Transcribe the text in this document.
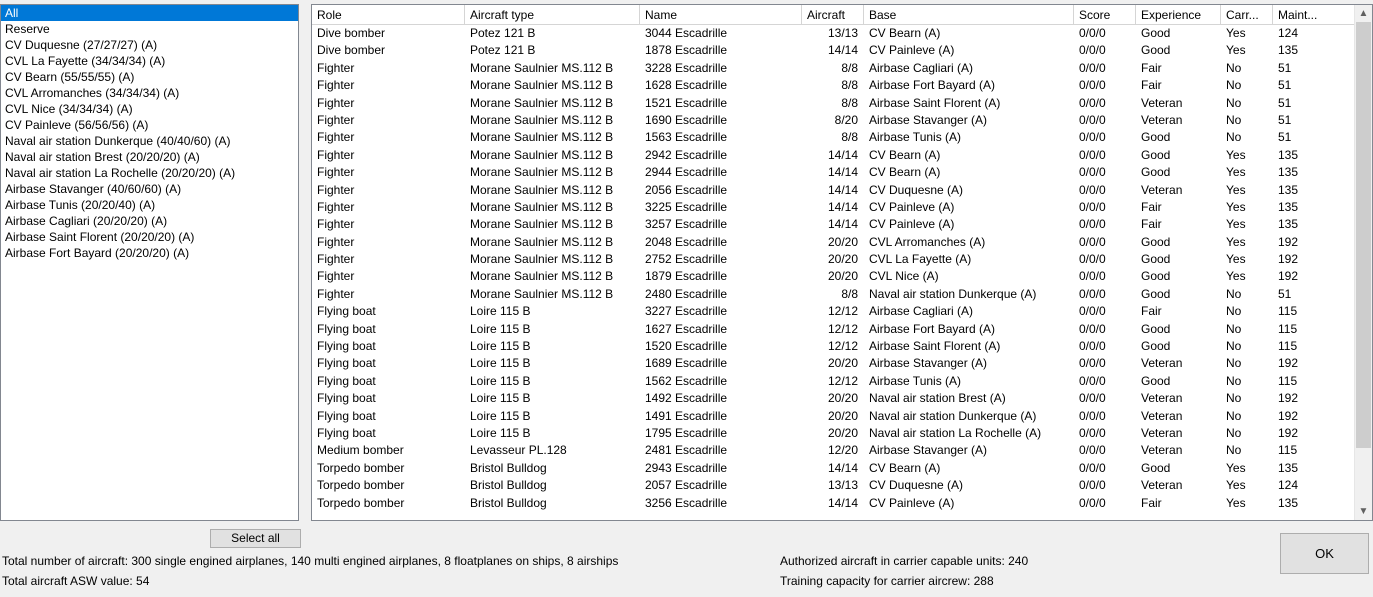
All
Reserve
CV Duquesne (27/27/27) (A)
CVL La Fayette (34/34/34) (A)
CV Bearn (55/55/55) (A)
CVL Arromanches (34/34/34) (A)
CVL Nice (34/34/34) (A)
CV Painleve (56/56/56) (A)
Naval air station Dunkerque (40/40/60) (A)
Naval air station Brest (20/20/20) (A)
Naval air station La Rochelle (20/20/20) (A)
Airbase Stavanger (40/60/60) (A)
Airbase Tunis (20/20/40) (A)
Airbase Cagliari (20/20/20) (A)
Airbase Saint Florent (20/20/20) (A)
Airbase Fort Bayard (20/20/20) (A)
Role	Aircraft type	Name	Aircraft	Base	Score	Experience	Carr...	Maint...
Dive bomber	Potez 121 B	3044 Escadrille	13/13 CV Bearn (A)	0/0/0	Good	Yes	124
Dive bomber	Potez 121 B	1878 Escadrille	14/14 CV Painleve (A)	0/0/0	Good	Yes	135
Fighter	Morane Saulnier MS.112 B	3228 Escadrille	8/8 Airbase Cagliari (A)	0/0/0	Fair	No	51
Fighter	Morane Saulnier MS.112 B	1628 Escadrille	8/8 Airbase Fort Bayard (A)	0/0/0	Fair	No	51
Fighter	Morane Saulnier MS.112 B	1521 Escadrille	8/8 Airbase Saint Florent (A)	0/0/0	Veteran	No	51
Fighter	Morane Saulnier MS.112 B	1690 Escadrille	8/20 Airbase Stavanger (A)	0/0/0	Veteran	No	51
Fighter	Morane Saulnier MS.112 B	1563 Escadrille	8/8 Airbase Tunis (A)	0/0/0	Good	No	51
Fighter	Morane Saulnier MS.112 B	2942 Escadrille	14/14 CV Bearn (A)	0/0/0	Good	Yes	135
Fighter	Morane Saulnier MS.112 B	2944 Escadrille	14/14 CV Bearn (A)	0/0/0	Good	Yes	135
Fighter	Morane Saulnier MS.112 B	2056 Escadrille	14/14 CV Duquesne (A)	0/0/0	Veteran	Yes	135
Fighter	Morane Saulnier MS.112 B	3225 Escadrille	14/14 CV Painleve (A)	0/0/0	Fair	Yes	135
Fighter	Morane Saulnier MS.112 B	3257 Escadrille	14/14 CV Painleve (A)	0/0/0	Fair	Yes	135
Fighter	Morane Saulnier MS.112 B	2048 Escadrille	20/20 CVL Arromanches (A)	0/0/0	Good	Yes	192
Fighter	Morane Saulnier MS.112 B	2752 Escadrille	20/20 CVL La Fayette (A)	0/0/0	Good	Yes	192
Fighter	Morane Saulnier MS.112 B	1879 Escadrille	20/20 CVL Nice (A)	0/0/0	Good	Yes	192
Fighter	Morane Saulnier MS.112 B	2480 Escadrille	8/8 Naval air station Dunkerque (A)	0/0/0	Good	No	51
Flying boat	Loire 115 B	3227 Escadrille	12/12 Airbase Cagliari (A)	0/0/0	Fair	No	115
Flying boat	Loire 115 B	1627 Escadrille	12/12 Airbase Fort Bayard (A)	0/0/0	Good	No	115
Flying boat	Loire 115 B	1520 Escadrille	12/12 Airbase Saint Florent (A)	0/0/0	Good	No	115
Flying boat	Loire 115 B	1689 Escadrille	20/20 Airbase Stavanger (A)	0/0/0	Veteran	No	192
Flying boat	Loire 115 B	1562 Escadrille	12/12 Airbase Tunis (A)	0/0/0	Good	No	115
Flying boat	Loire 115 B	1492 Escadrille	20/20 Naval air station Brest (A)	0/0/0	Veteran	No	192
Flying boat	Loire 115 B	1491 Escadrille	20/20 Naval air station Dunkerque (A)	0/0/0	Veteran	No	192
Flying boat	Loire 115 B	1795 Escadrille	20/20 Naval air station La Rochelle (A)	0/0/0	Veteran	No	192
Medium bomber	Levasseur PL.128	2481 Escadrille	12/20 Airbase Stavanger (A)	0/0/0	Veteran	No	115
Torpedo bomber	Bristol Bulldog	2943 Escadrille	14/14 CV Bearn (A)	0/0/0	Good	Yes	135
Torpedo bomber	Bristol Bulldog	2057 Escadrille	13/13 CV Duquesne (A)	0/0/0	Veteran	Yes	124
Torpedo bomber	Bristol Bulldog	3256 Escadrille	14/14 CV Painleve (A)	0/0/0	Fair	Yes	135
▲
▼
Select all
OK
Total number of aircraft: 300 single engined airplanes, 140 multi engined airplanes, 8 floatplanes on ships, 8 airships
Total aircraft ASW value: 54
Authorized aircraft in carrier capable units: 240
Training capacity for carrier aircrew: 288
